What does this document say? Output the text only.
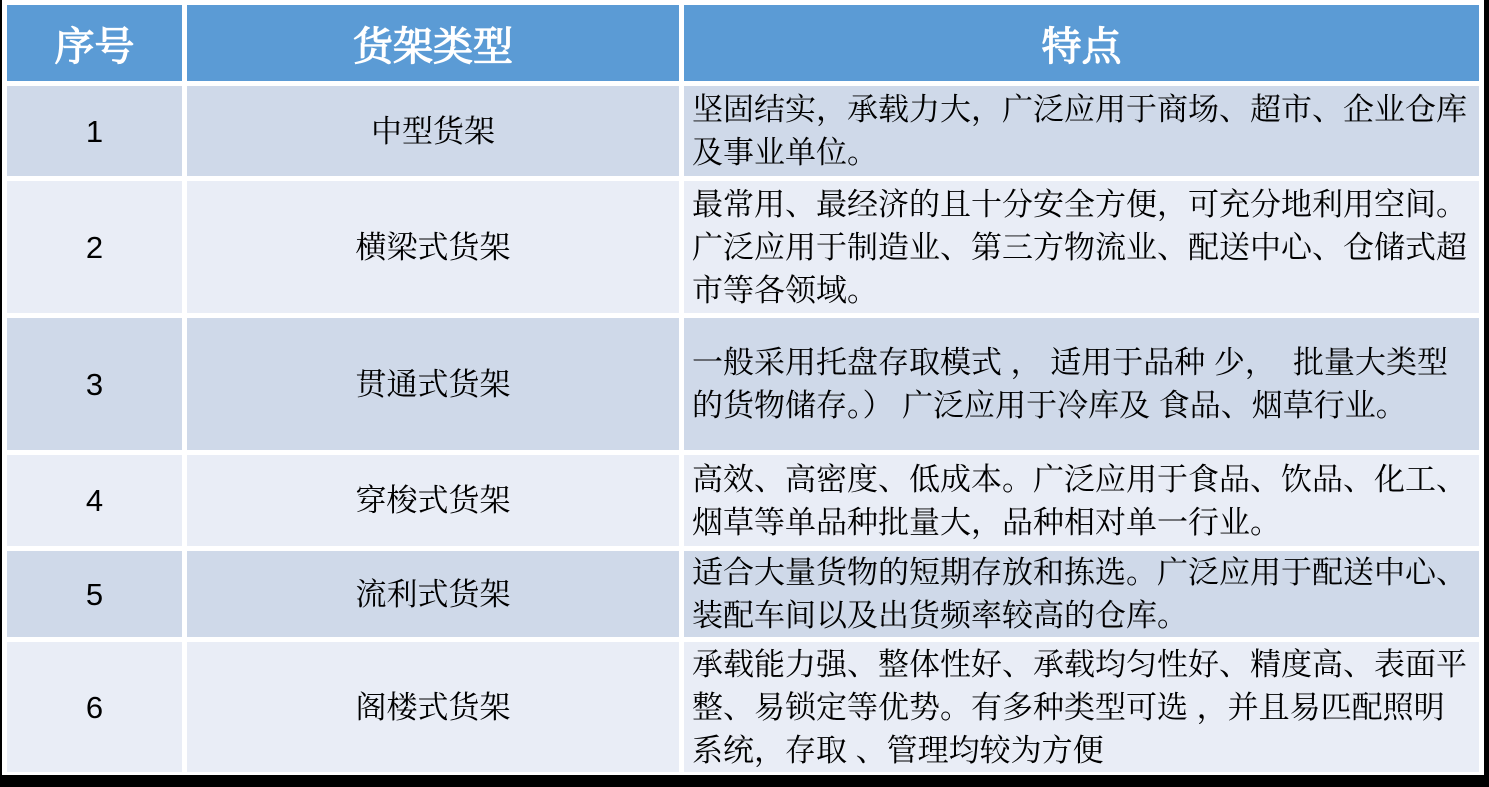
序号	货架类型	特点
1	中型货架	坚固结实，承载力大，广泛应用于商场、超市、企业仓库及事业单位。
2	横梁式货架	最常用、最经济的且十分安全方便，可充分地利用空间。广泛应用于制造业、第三方物流业、配送中心、仓储式超市等各领域。
3	贯通式货架	一般采用托盘存取模式 ， 适用于品种 少，  批量大类型的货物储存。） 广泛应用于冷库及 食品、烟草行业。
4	穿梭式货架	高效、高密度、低成本。广泛应用于食品、饮品、化工、烟草等单品种批量大，品种相对单一行业。
5	流利式货架	适合大量货物的短期存放和拣选。广泛应用于配送中心、装配车间以及出货频率较高的仓库。
6	阁楼式货架	承载能力强、整体性好、承载均匀性好、精度高、表面平整、易锁定等优势。有多种类型可选 ，并且易匹配照明系统，存取 、管理均较为方便
